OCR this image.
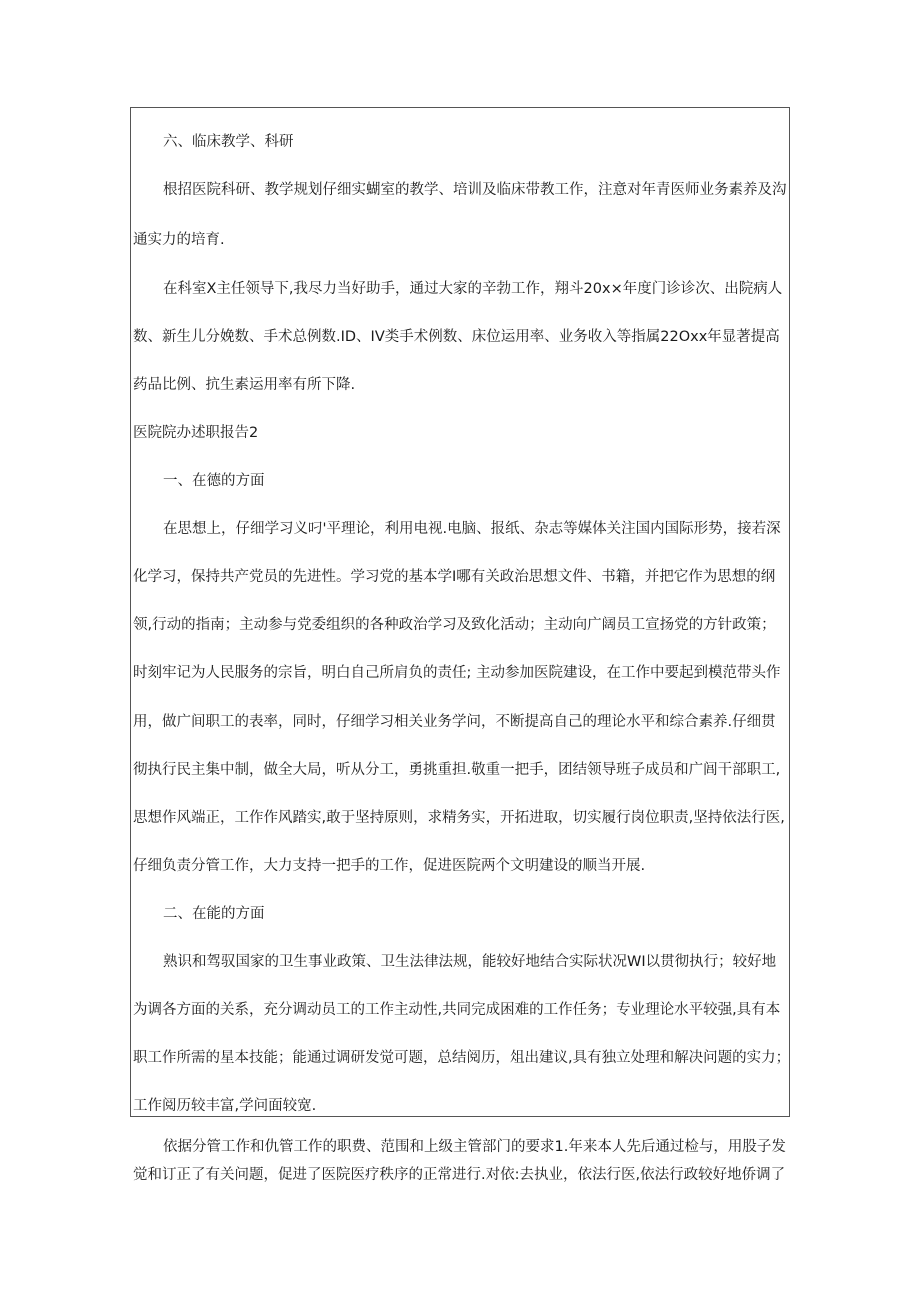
六、临床教学、科研

根招医院科研、教学规划仔细实蝴室的教学、培训及临床带教工作，注意对年青医师业务素养及沟

通实力的培育.

在科室X主任领导下,我尽力当好助手，通过大家的辛勃工作，翔斗20x×年度门诊诊次、出院病人

数、新生儿分娩数、手术总例数.ID、IV类手术例数、床位运用率、业务收入等指属22Oxx年显著提高

药品比例、抗生素运用率有所下降.

医院院办述职报告2

一、在德的方面

在思想上，仔细学习义叼'平理论，利用电视.电脑、报纸、杂志等媒体关注国内国际形势，接若深

化学习，保持共产党员的先进性。学习党的基本学I哪有关政治思想文件、书籍，并把它作为思想的纲

领,行动的指南；主动参与党委组织的各种政治学习及致化活动；主动向广阔员工宣扬党的方针政策；

时刻牢记为人民服务的宗旨，明白自己所肩负的责任; 主动参加医院建设，在工作中要起到模范带头作

用，做广间职工的表率，同时，仔细学习相关业务学问，不断提高自己的理论水平和综合素养.仔细贯

彻执行民主集中制，做全大局，听从分工，勇挑重担.敬重一把手，团结领导班子成员和广闾干部职工,

思想作风端正，工作作风踏实,敢于坚持原则，求精务实，开拓进取，切实履行岗位职责,坚持依法行医,

仔细负责分管工作，大力支持一把手的工作，促进医院两个文明建设的顺当开展.

二、在能的方面

熟识和驾驭国家的卫生事业政策、卫生法律法规，能较好地结合实际状况WI以贯彻执行；较好地

为调各方面的关系，充分调动员工的工作主动性,共同完成困难的工作任务；专业理论水平较强,具有本

职工作所需的星本技能；能通过调研发觉可题，总结阅历，俎出建议,具有独立处理和解决问题的实力；

工作阅历较丰富,学问面较宽.

依据分管工作和仇管工作的职费、范围和上级主管部门的要求1.年来本人先后通过检与，用股子发

觉和订正了有关问题，促进了医院医疗秩序的正常进行.对依:去执业，依法行医,依法行政较好地侨调了
